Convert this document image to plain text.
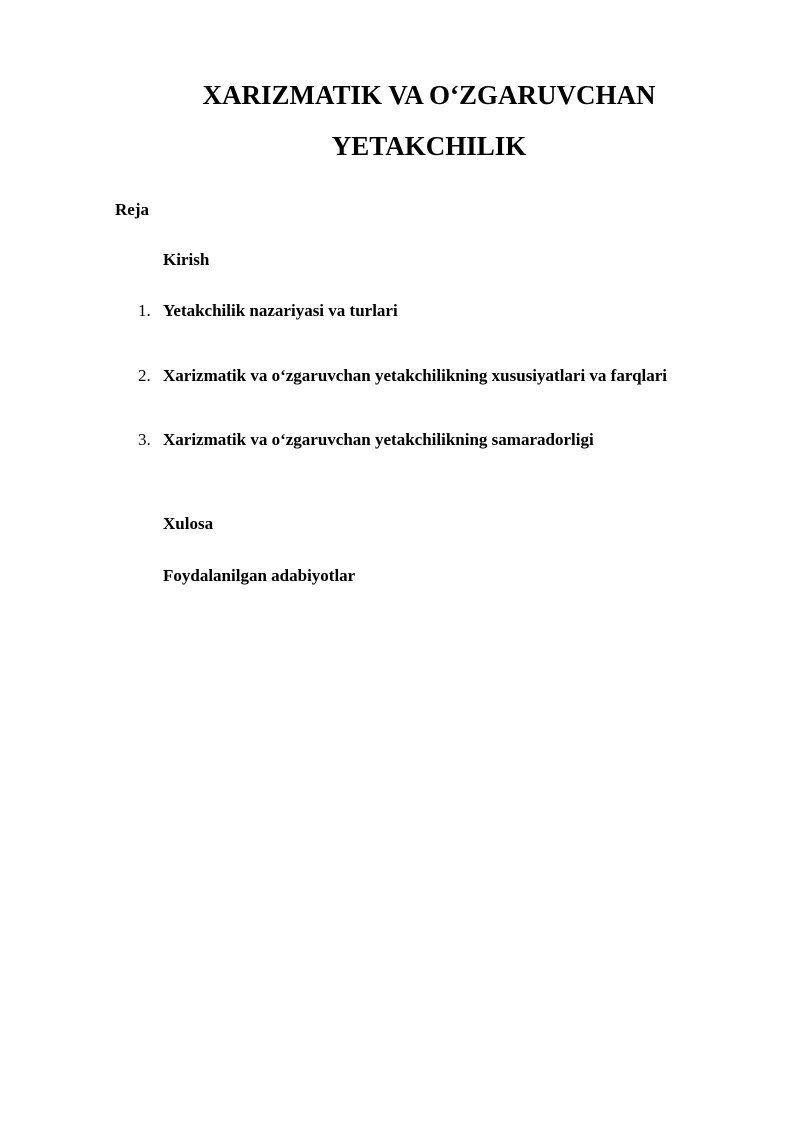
XARIZMATIK VA O‘ZGARUVCHAN
YETAKCHILIK
Reja
Kirish
1. Yetakchilik nazariyasi va turlari
2. Xarizmatik va o‘zgaruvchan yetakchilikning xususiyatlari va farqlari
3. Xarizmatik va o‘zgaruvchan yetakchilikning samaradorligi
Xulosa
Foydalanilgan adabiyotlar
